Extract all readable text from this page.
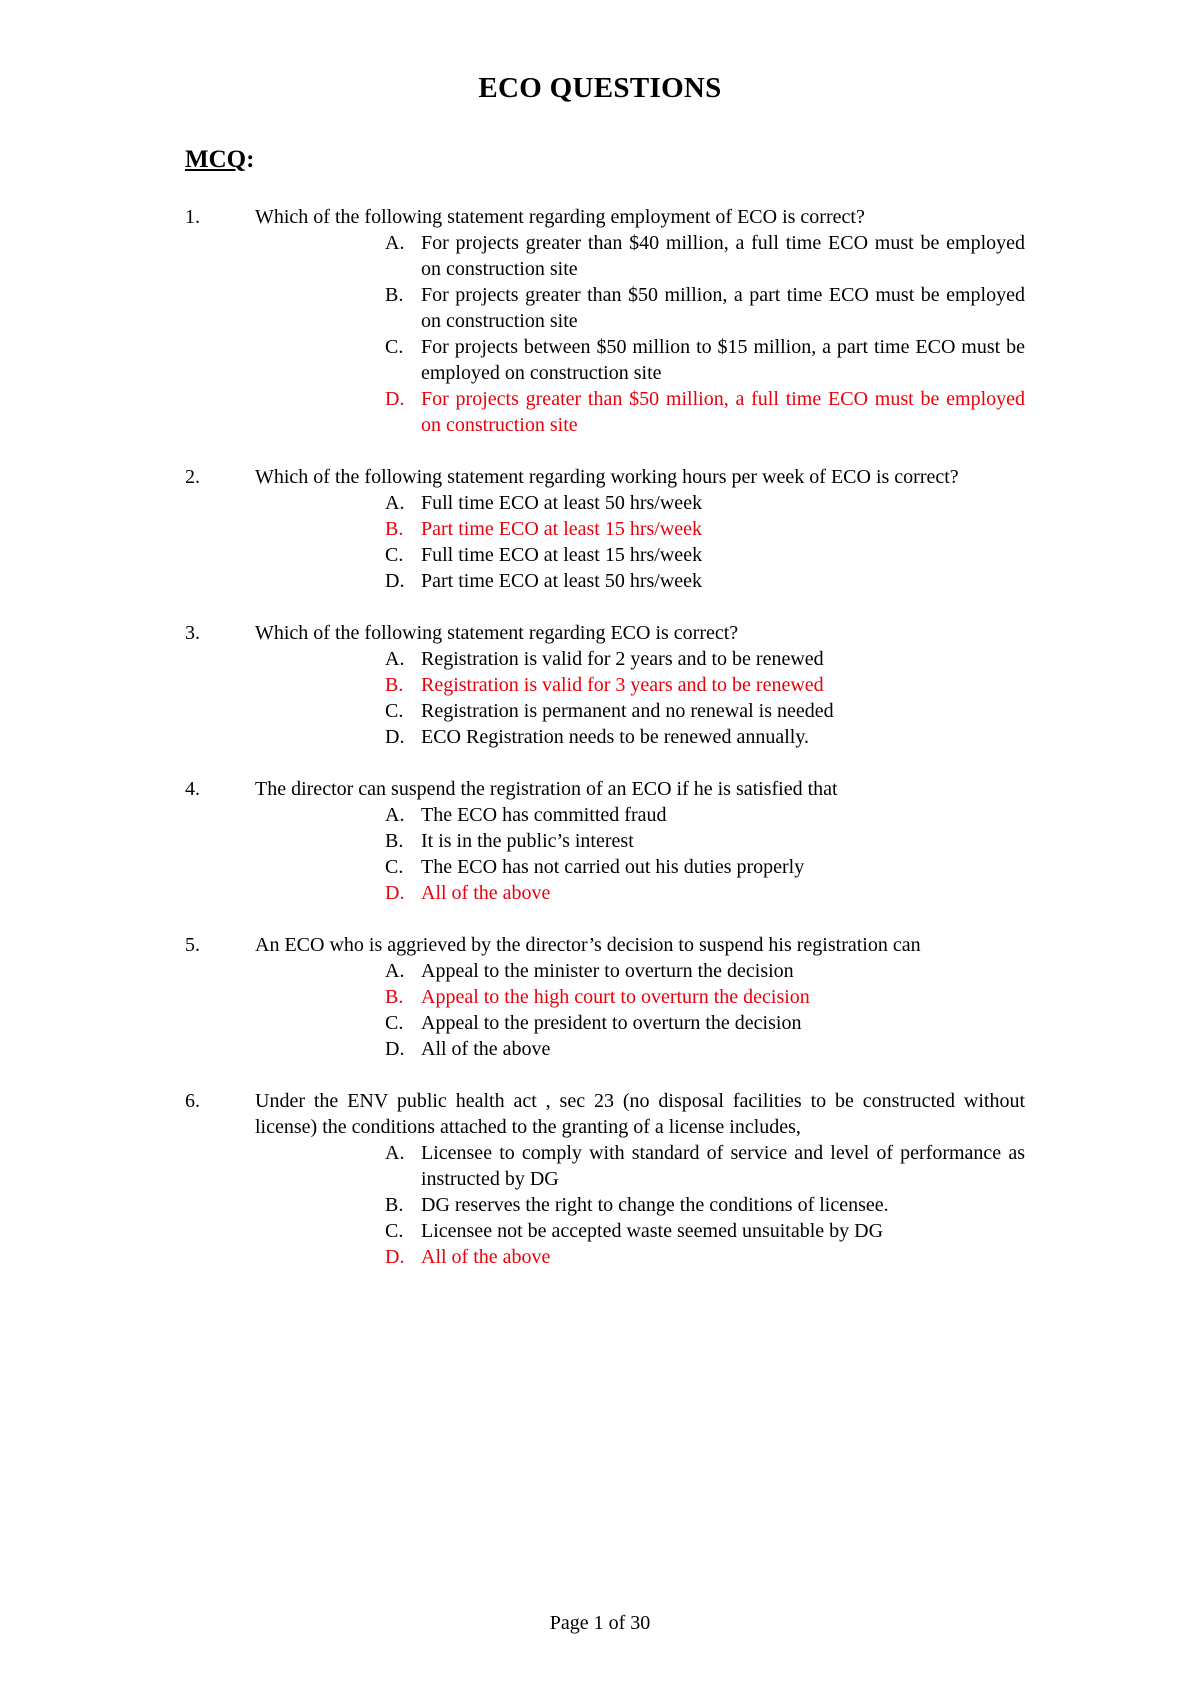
ECO QUESTIONS
MCQ:
1.	Which of the following statement regarding employment of ECO is correct?
A. For projects greater than $40 million, a full time ECO must be employed on construction site
B. For projects greater than $50 million, a part time ECO must be employed on construction site
C. For projects between $50 million to $15 million, a part time ECO must be employed on construction site
D. For projects greater than $50 million, a full time ECO must be employed on construction site
2.	Which of the following statement regarding working hours per week of ECO is correct?
A. Full time ECO at least 50 hrs/week
B. Part time ECO at least 15 hrs/week
C. Full time ECO at least 15 hrs/week
D. Part time ECO at least 50 hrs/week
3.	Which of the following statement regarding ECO is correct?
A. Registration is valid for 2 years and to be renewed
B. Registration is valid for 3 years and to be renewed
C. Registration is permanent and no renewal is needed
D. ECO Registration needs to be renewed annually.
4.	The director can suspend the registration of an ECO if he is satisfied that
A. The ECO has committed fraud
B. It is in the public’s interest
C. The ECO has not carried out his duties properly
D. All of the above
5.	An ECO who is aggrieved by the director’s decision to suspend his registration can
A. Appeal to the minister to overturn the decision
B. Appeal to the high court to overturn the decision
C. Appeal to the president to overturn the decision
D. All of the above
6.	Under the ENV public health act , sec 23 (no disposal facilities to be constructed without license) the conditions attached to the granting of a license includes,
A. Licensee to comply with standard of service and level of performance as instructed by DG
B. DG reserves the right to change the conditions of licensee.
C. Licensee not be accepted waste seemed unsuitable by DG
D. All of the above
Page 1 of 30
